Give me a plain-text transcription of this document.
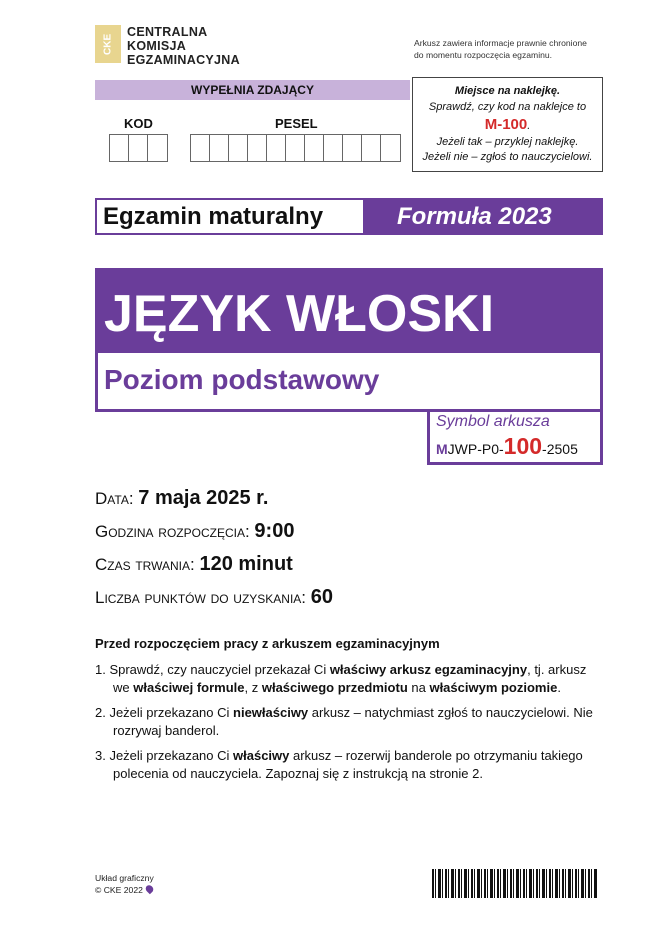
CKE
CENTRALNA
KOMISJA
EGZAMINACYJNA
Arkusz zawiera informacje prawnie chronione
do momentu rozpoczęcia egzaminu.
WYPEŁNIA ZDAJĄCY
KOD	PESEL
Miejsce na naklejkę.
Sprawdź, czy kod na naklejce to
M-100.
Jeżeli tak – przyklej naklejkę.
Jeżeli nie – zgłoś to nauczycielowi.
Egzamin maturalny	Formuła 2023
JĘZYK WŁOSKI
Poziom podstawowy
Symbol arkusza
MJWP-P0-100-2505
Data: 7 maja 2025 r.
Godzina rozpoczęcia: 9:00
Czas trwania: 120 minut
Liczba punktów do uzyskania: 60
Przed rozpoczęciem pracy z arkuszem egzaminacyjnym
1. Sprawdź, czy nauczyciel przekazał Ci właściwy arkusz egzaminacyjny, tj. arkusz we właściwej formule, z właściwego przedmiotu na właściwym poziomie.
2. Jeżeli przekazano Ci niewłaściwy arkusz – natychmiast zgłoś to nauczycielowi. Nie rozrywaj banderol.
3. Jeżeli przekazano Ci właściwy arkusz – rozerwij banderole po otrzymaniu takiego polecenia od nauczyciela. Zapoznaj się z instrukcją na stronie 2.
Układ graficzny
© CKE 2022
